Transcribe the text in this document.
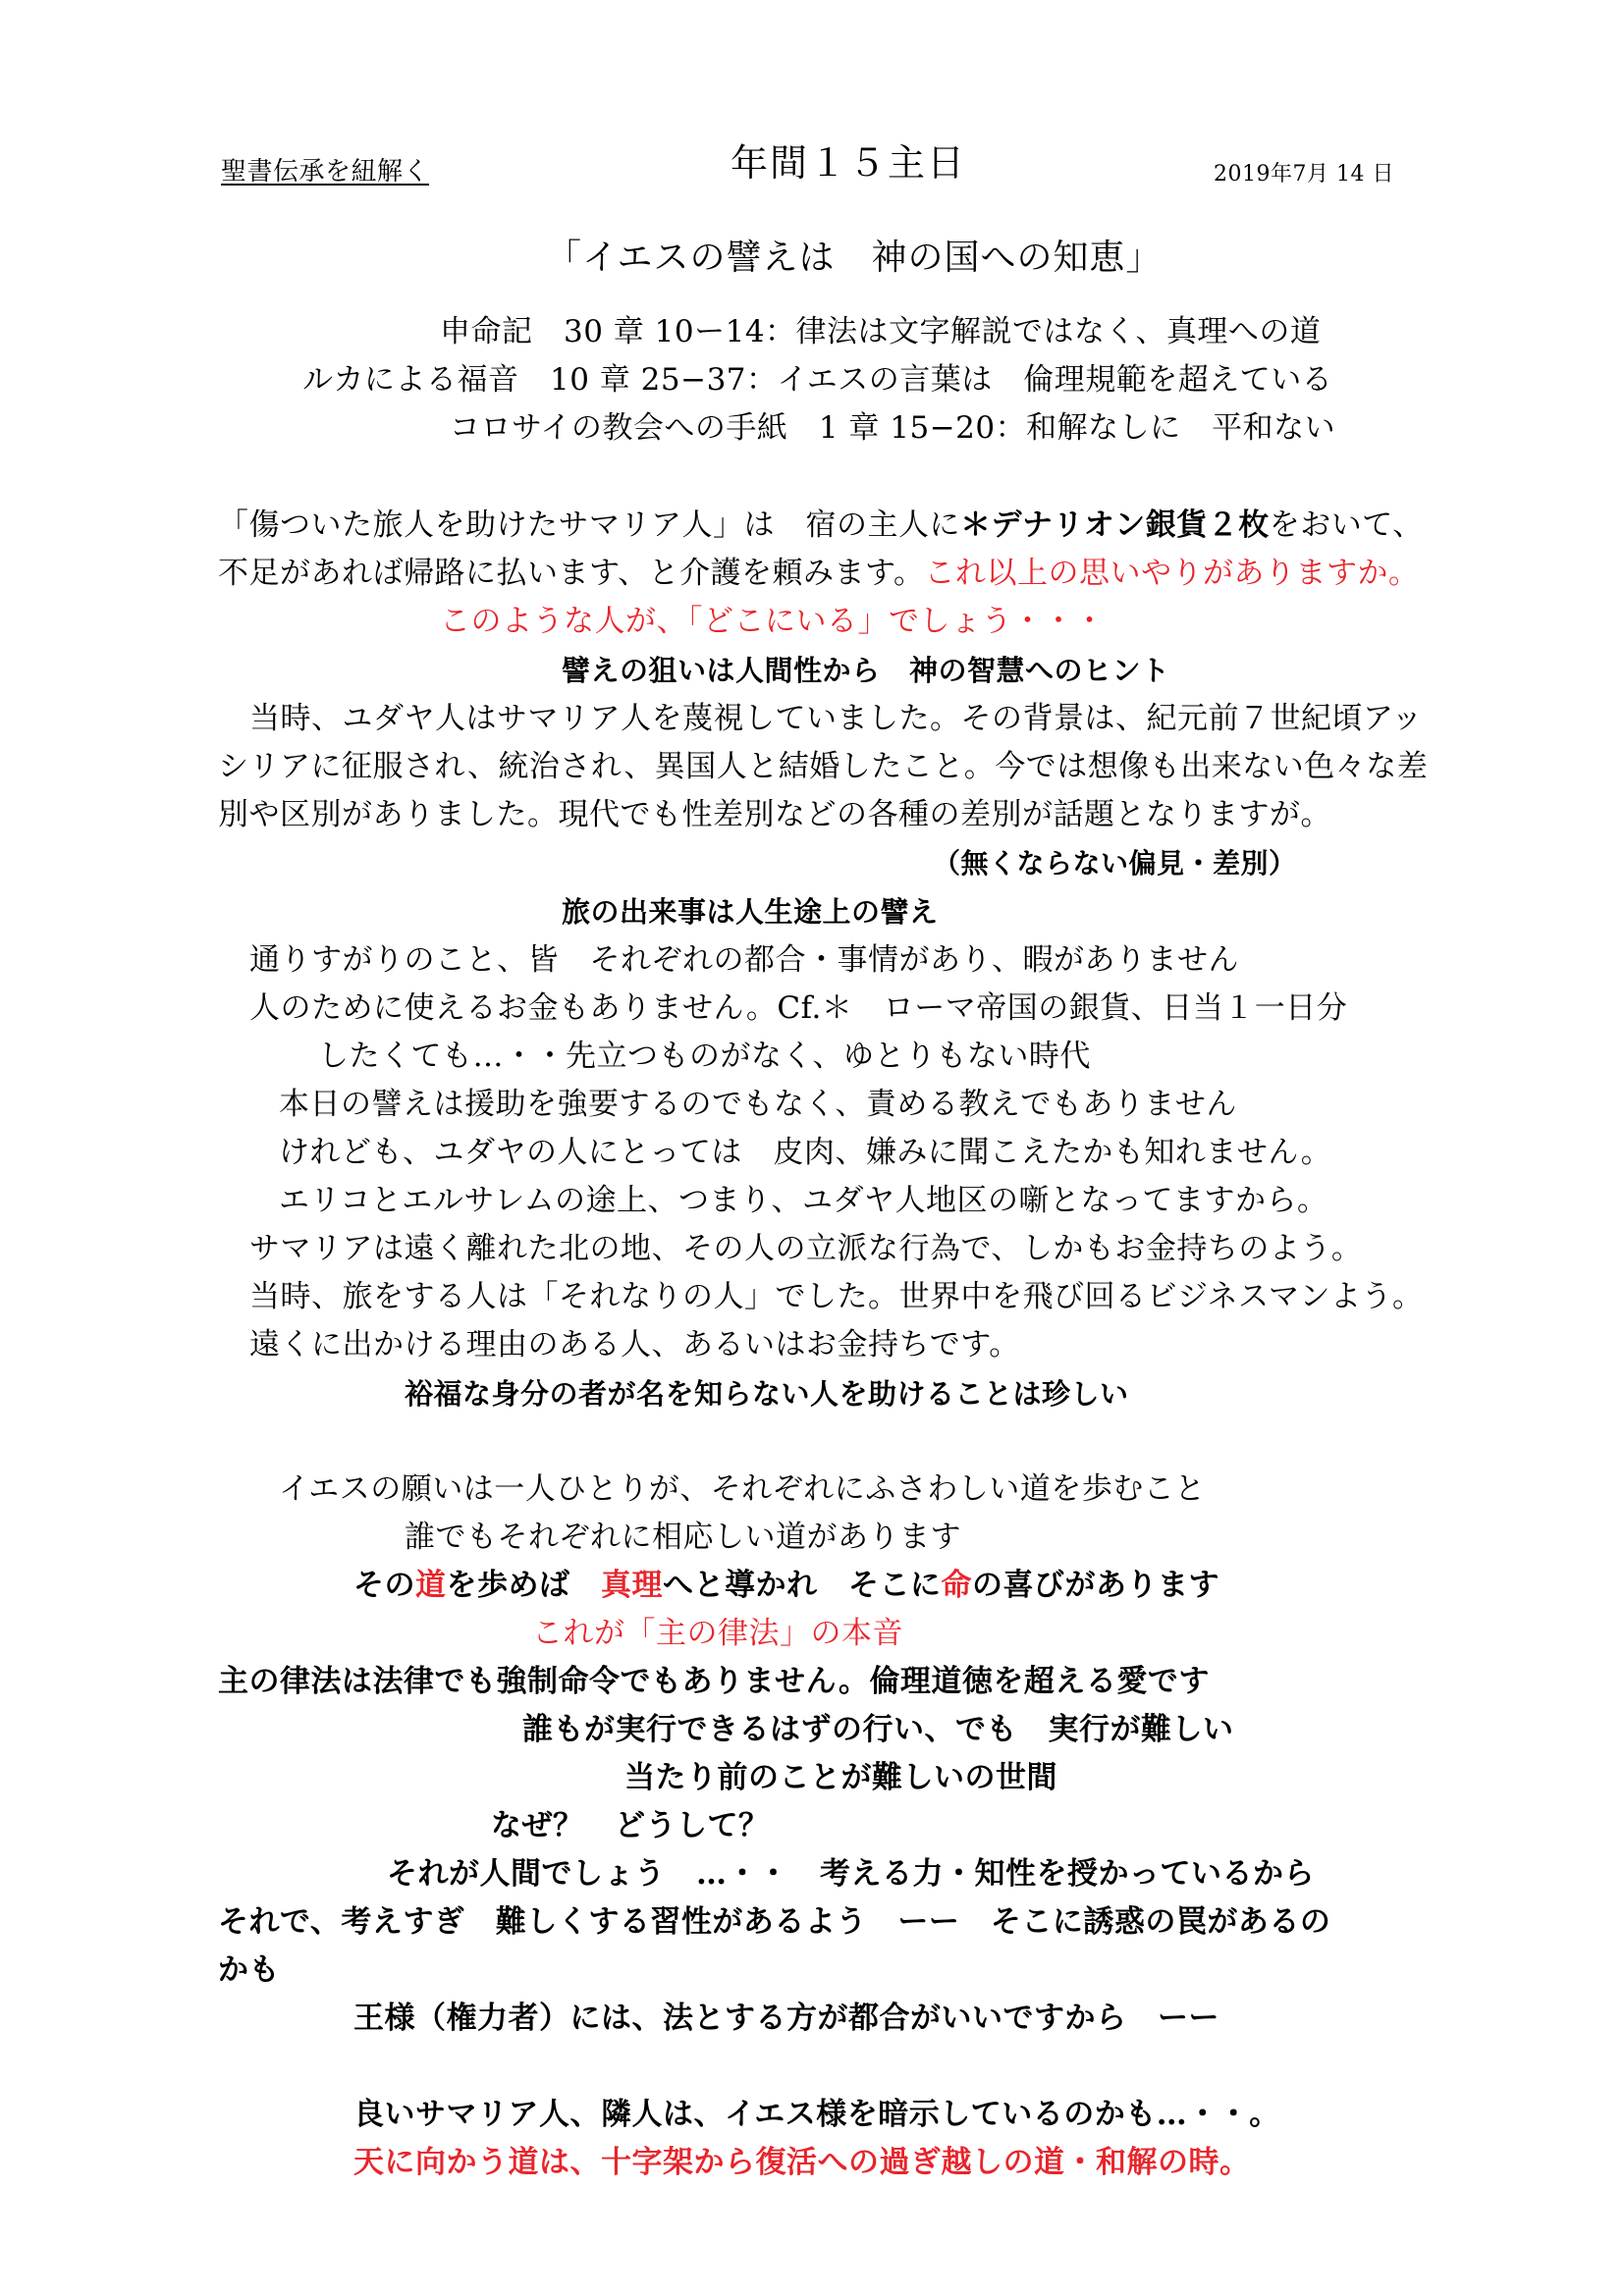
聖書伝承を紐解く	年間１５主日	2019年7月 14 日
「イエスの譬えは　神の国への知恵」
申命記　30 章 10ー14：律法は文字解説ではなく、真理への道
ルカによる福音　10 章 25−37：イエスの言葉は　倫理規範を超えている
コロサイの教会への手紙　1 章 15−20：和解なしに　平和ない
「傷ついた旅人を助けたサマリア人」は　宿の主人に＊デナリオン銀貨２枚をおいて、
不足があれば帰路に払います、と介護を頼みます。これ以上の思いやりがありますか。
このような人が、「どこにいる」でしょう・・・
譬えの狙いは人間性から　神の智慧へのヒント
当時、ユダヤ人はサマリア人を蔑視していました。その背景は、紀元前７世紀頃アッ
シリアに征服され、統治され、異国人と結婚したこと。今では想像も出来ない色々な差
別や区別がありました。現代でも性差別などの各種の差別が話題となりますが。
（無くならない偏見・差別）
旅の出来事は人生途上の譬え
通りすがりのこと、皆　それぞれの都合・事情があり、暇がありません
人のために使えるお金もありません。Cf.＊　ローマ帝国の銀貨、日当１一日分
したくても…・・先立つものがなく、ゆとりもない時代
本日の譬えは援助を強要するのでもなく、責める教えでもありません
けれども、ユダヤの人にとっては　皮肉、嫌みに聞こえたかも知れません。
エリコとエルサレムの途上、つまり、ユダヤ人地区の噺となってますから。
サマリアは遠く離れた北の地、その人の立派な行為で、しかもお金持ちのよう。
当時、旅をする人は「それなりの人」でした。世界中を飛び回るビジネスマンよう。
遠くに出かける理由のある人、あるいはお金持ちです。
裕福な身分の者が名を知らない人を助けることは珍しい
イエスの願いは一人ひとりが、それぞれにふさわしい道を歩むこと
誰でもそれぞれに相応しい道があります
その道を歩めば　真理へと導かれ　そこに命の喜びがあります
これが「主の律法」の本音
主の律法は法律でも強制命令でもありません。倫理道徳を超える愛です
誰もが実行できるはずの行い、でも　実行が難しい
当たり前のことが難しいの世間
なぜ？　どうして？
それが人間でしょう　…・・　考える力・知性を授かっているから
それで、考えすぎ　難しくする習性があるよう　ーー　そこに誘惑の罠があるの
かも
王様（権力者）には、法とする方が都合がいいですから　ーー
良いサマリア人、隣人は、イエス様を暗示しているのかも…・・。
天に向かう道は、十字架から復活への過ぎ越しの道・和解の時。
